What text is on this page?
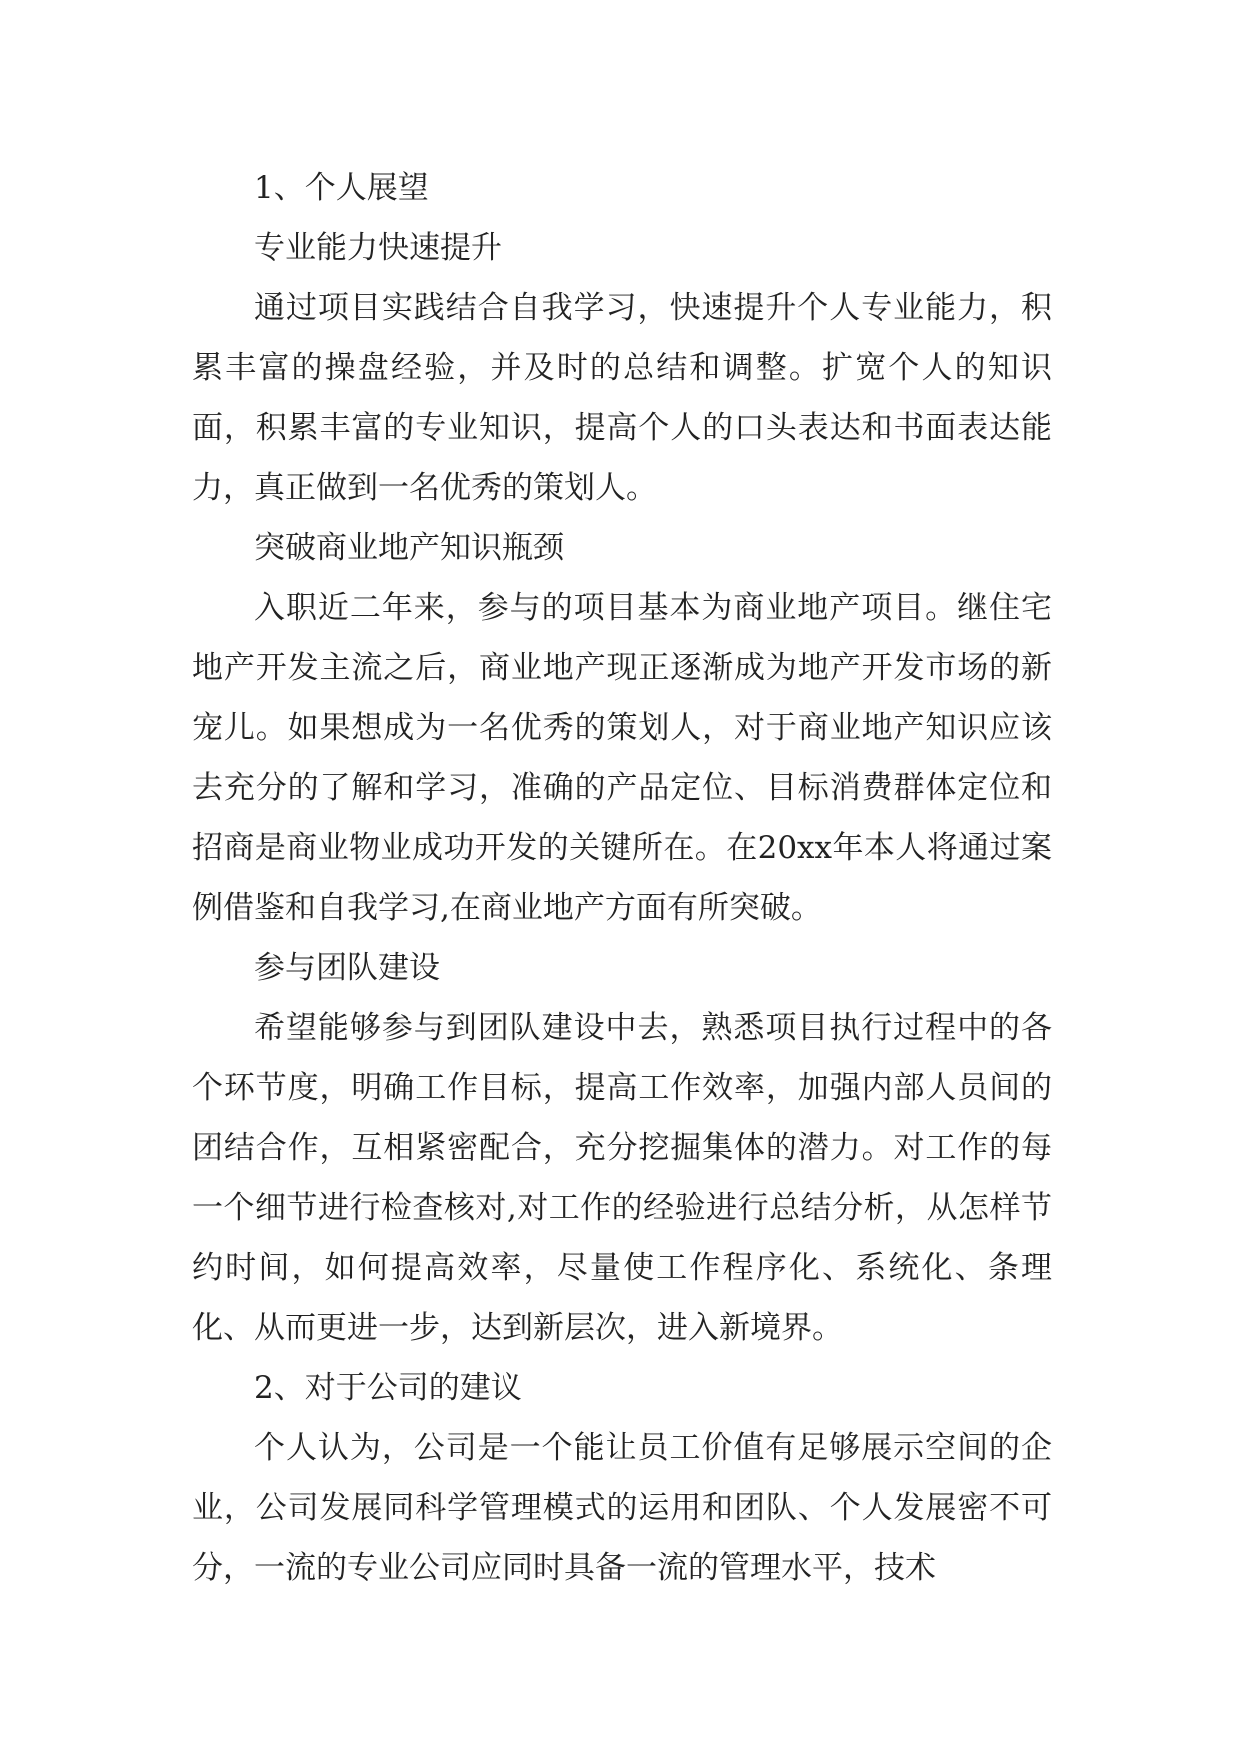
1、个人展望

专业能力快速提升

通过项目实践结合自我学习，快速提升个人专业能力，积累丰富的操盘经验，并及时的总结和调整。扩宽个人的知识面，积累丰富的专业知识，提高个人的口头表达和书面表达能力，真正做到一名优秀的策划人。

突破商业地产知识瓶颈

入职近二年来，参与的项目基本为商业地产项目。继住宅地产开发主流之后，商业地产现正逐渐成为地产开发市场的新宠儿。如果想成为一名优秀的策划人，对于商业地产知识应该去充分的了解和学习，准确的产品定位、目标消费群体定位和招商是商业物业成功开发的关键所在。在20xx年本人将通过案例借鉴和自我学习,在商业地产方面有所突破。

参与团队建设

希望能够参与到团队建设中去，熟悉项目执行过程中的各个环节度，明确工作目标，提高工作效率，加强内部人员间的团结合作，互相紧密配合，充分挖掘集体的潜力。对工作的每一个细节进行检查核对,对工作的经验进行总结分析，从怎样节约时间，如何提高效率，尽量使工作程序化、系统化、条理化、从而更进一步，达到新层次，进入新境界。

2、对于公司的建议

个人认为，公司是一个能让员工价值有足够展示空间的企业，公司发展同科学管理模式的运用和团队、个人发展密不可分，一流的专业公司应同时具备一流的管理水平，技术
